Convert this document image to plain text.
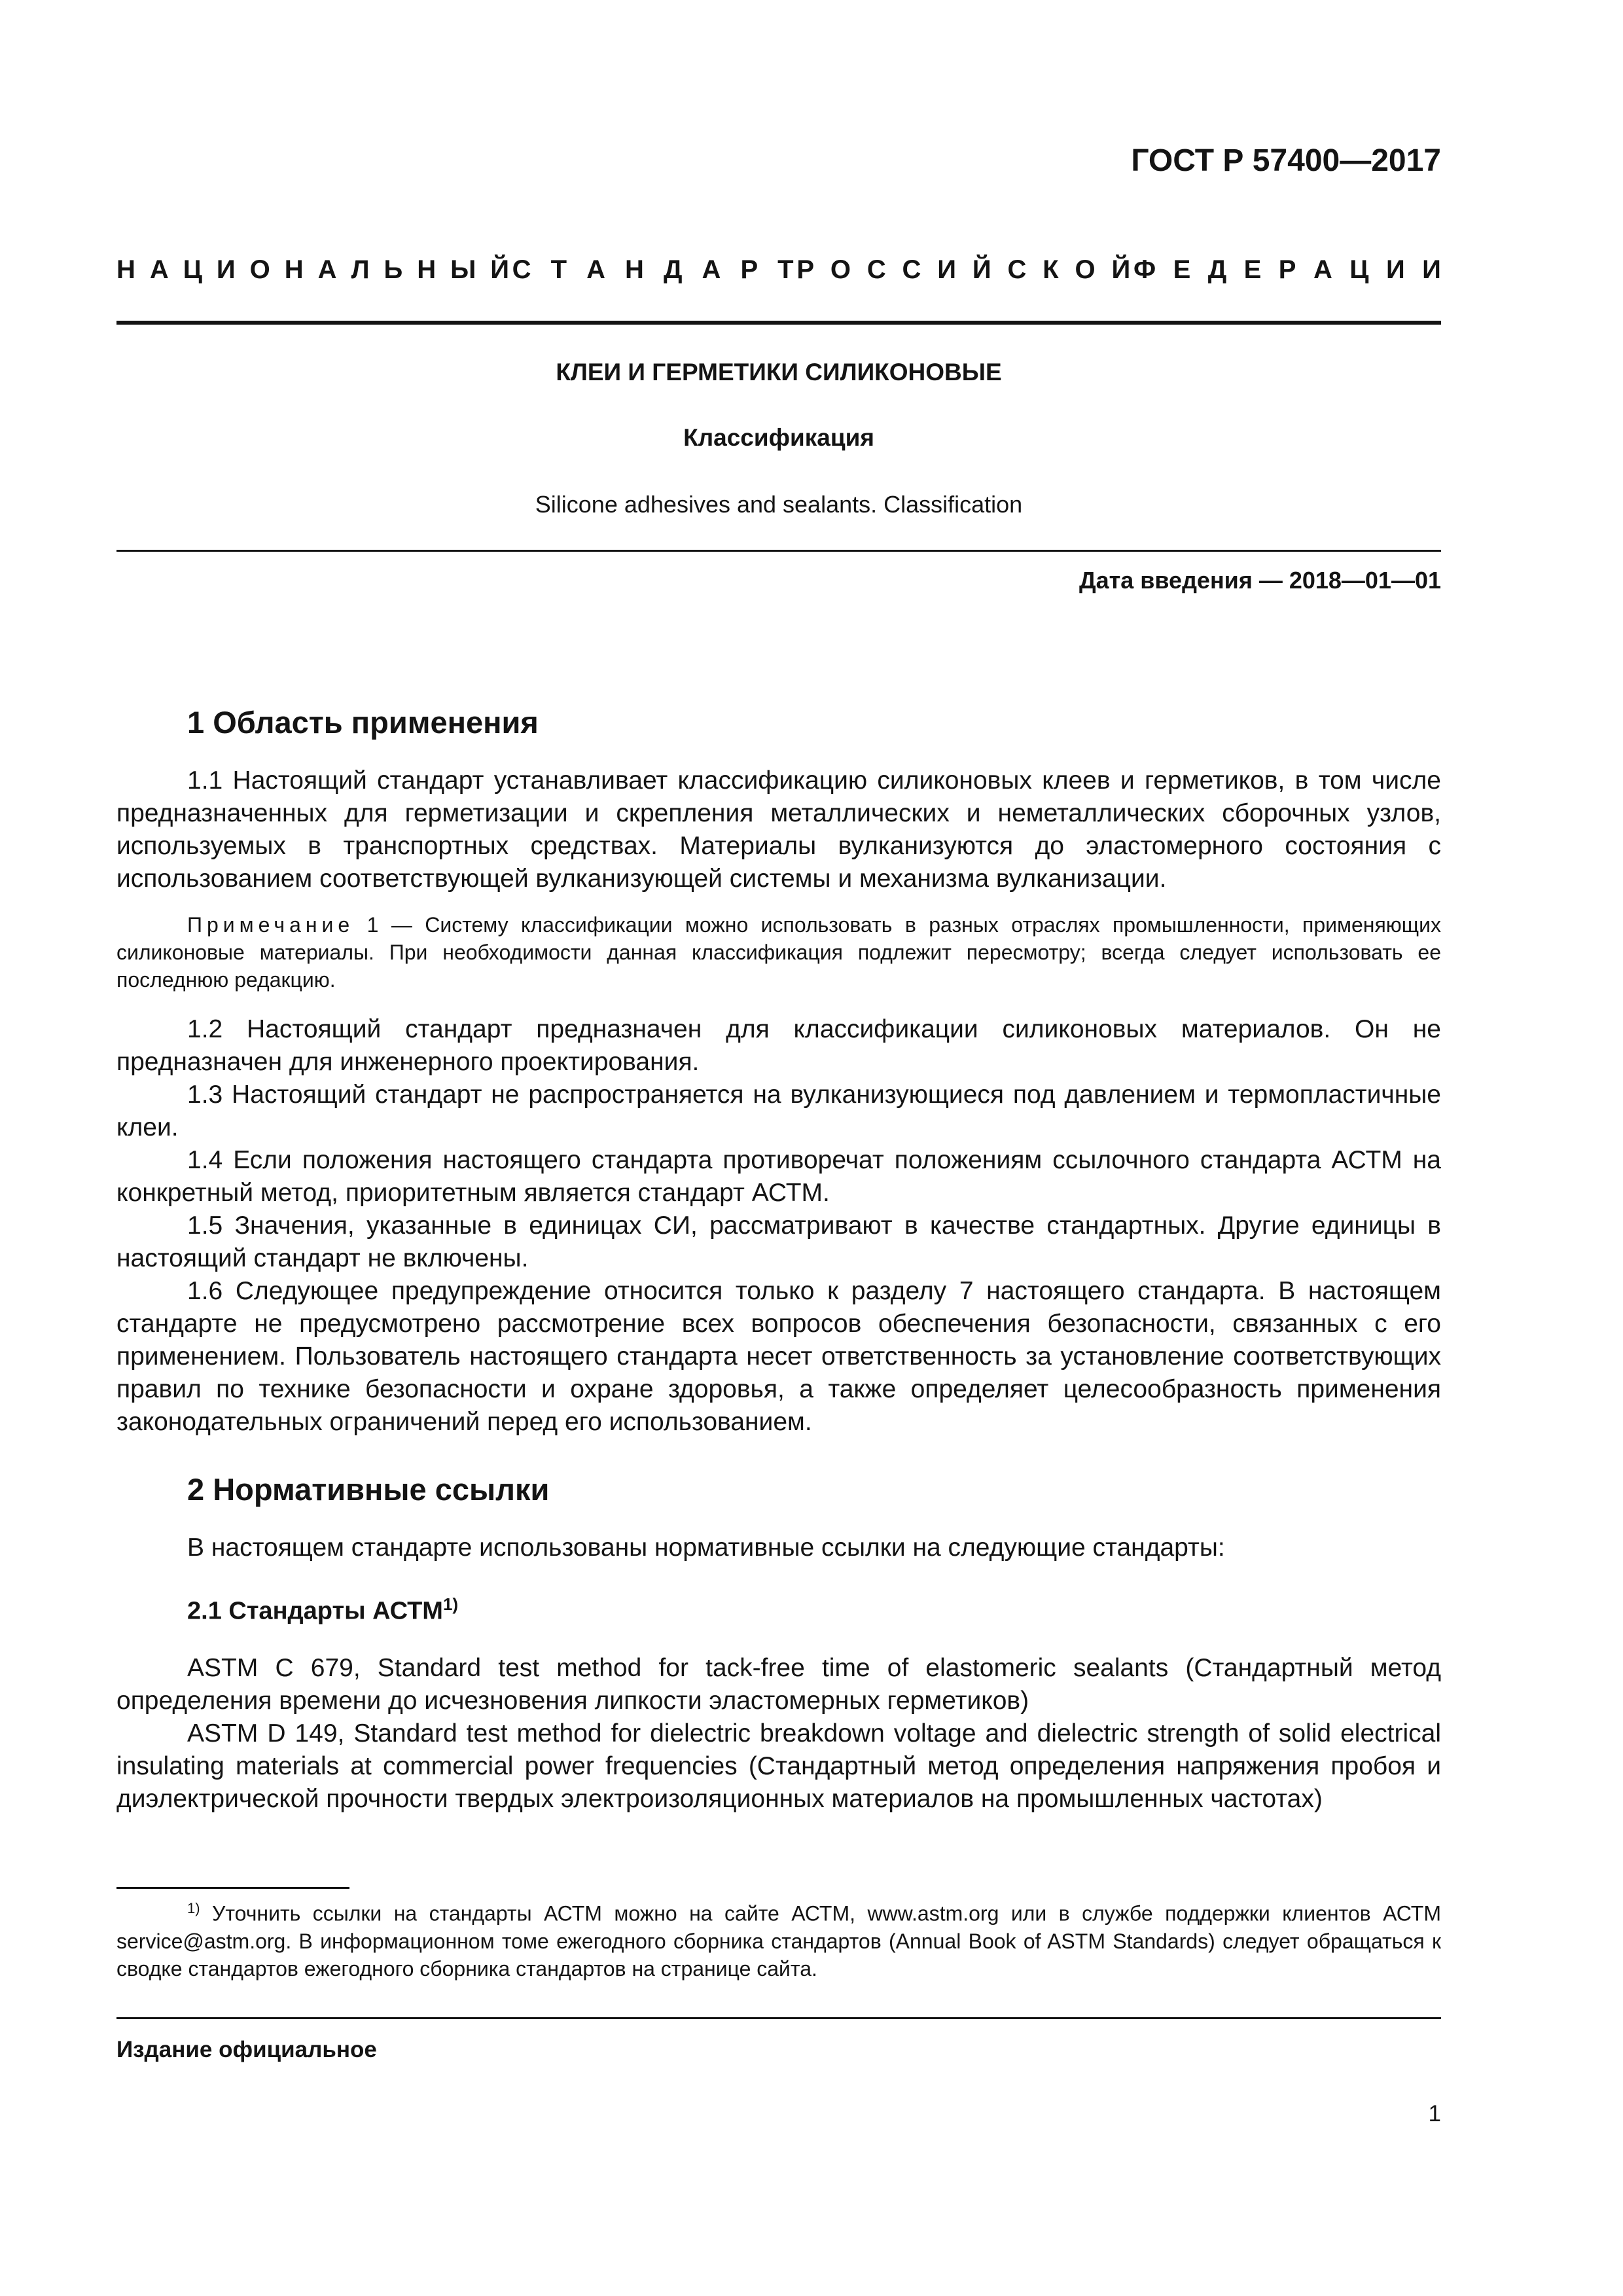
ГОСТ Р 57400—2017
Н А Ц И О Н А Л Ь Н Ы Й С Т А Н Д А Р Т Р О С С И Й С К О Й Ф Е Д Е Р А Ц И И
КЛЕИ И ГЕРМЕТИКИ СИЛИКОНОВЫЕ
Классификация
Silicone adhesives and sealants. Classification
Дата введения — 2018—01—01
1 Область применения

1.1 Настоящий стандарт устанавливает классификацию силиконовых клеев и герметиков, в том числе предназначенных для герметизации и скрепления металлических и неметаллических сборочных узлов, используемых в транспортных средствах. Материалы вулканизуются до эластомерного состояния с использованием соответствующей вулканизующей системы и механизма вулканизации.

Примечание 1 — Систему классификации можно использовать в разных отраслях промышленности, применяющих силиконовые материалы. При необходимости данная классификация подлежит пересмотру; всегда следует использовать ее последнюю редакцию.

1.2 Настоящий стандарт предназначен для классификации силиконовых материалов. Он не предназначен для инженерного проектирования.

1.3 Настоящий стандарт не распространяется на вулканизующиеся под давлением и термопластичные клеи.

1.4 Если положения настоящего стандарта противоречат положениям ссылочного стандарта АСТМ на конкретный метод, приоритетным является стандарт АСТМ.

1.5 Значения, указанные в единицах СИ, рассматривают в качестве стандартных. Другие единицы в настоящий стандарт не включены.

1.6 Следующее предупреждение относится только к разделу 7 настоящего стандарта. В настоящем стандарте не предусмотрено рассмотрение всех вопросов обеспечения безопасности, связанных с его применением. Пользователь настоящего стандарта несет ответственность за установление соответствующих правил по технике безопасности и охране здоровья, а также определяет целесообразность применения законодательных ограничений перед его использованием.

2 Нормативные ссылки

В настоящем стандарте использованы нормативные ссылки на следующие стандарты:

2.1 Стандарты АСТМ$^{1)}$

ASTM C 679, Standard test method for tack-free time of elastomeric sealants (Стандартный метод определения времени до исчезновения липкости эластомерных герметиков)

ASTM D 149, Standard test method for dielectric breakdown voltage and dielectric strength of solid electrical insulating materials at commercial power frequencies (Стандартный метод определения напряжения пробоя и диэлектрической прочности твердых электроизоляционных материалов на промышленных частотах)

$^{1)}$ Уточнить ссылки на стандарты АСТМ можно на сайте АСТМ, www.astm.org или в службе поддержки клиентов АСТМ service@astm.org. В информационном томе ежегодного сборника стандартов (Annual Book of ASTM Standards) следует обращаться к сводке стандартов ежегодного сборника стандартов на странице сайта.

Издание официальное
1
